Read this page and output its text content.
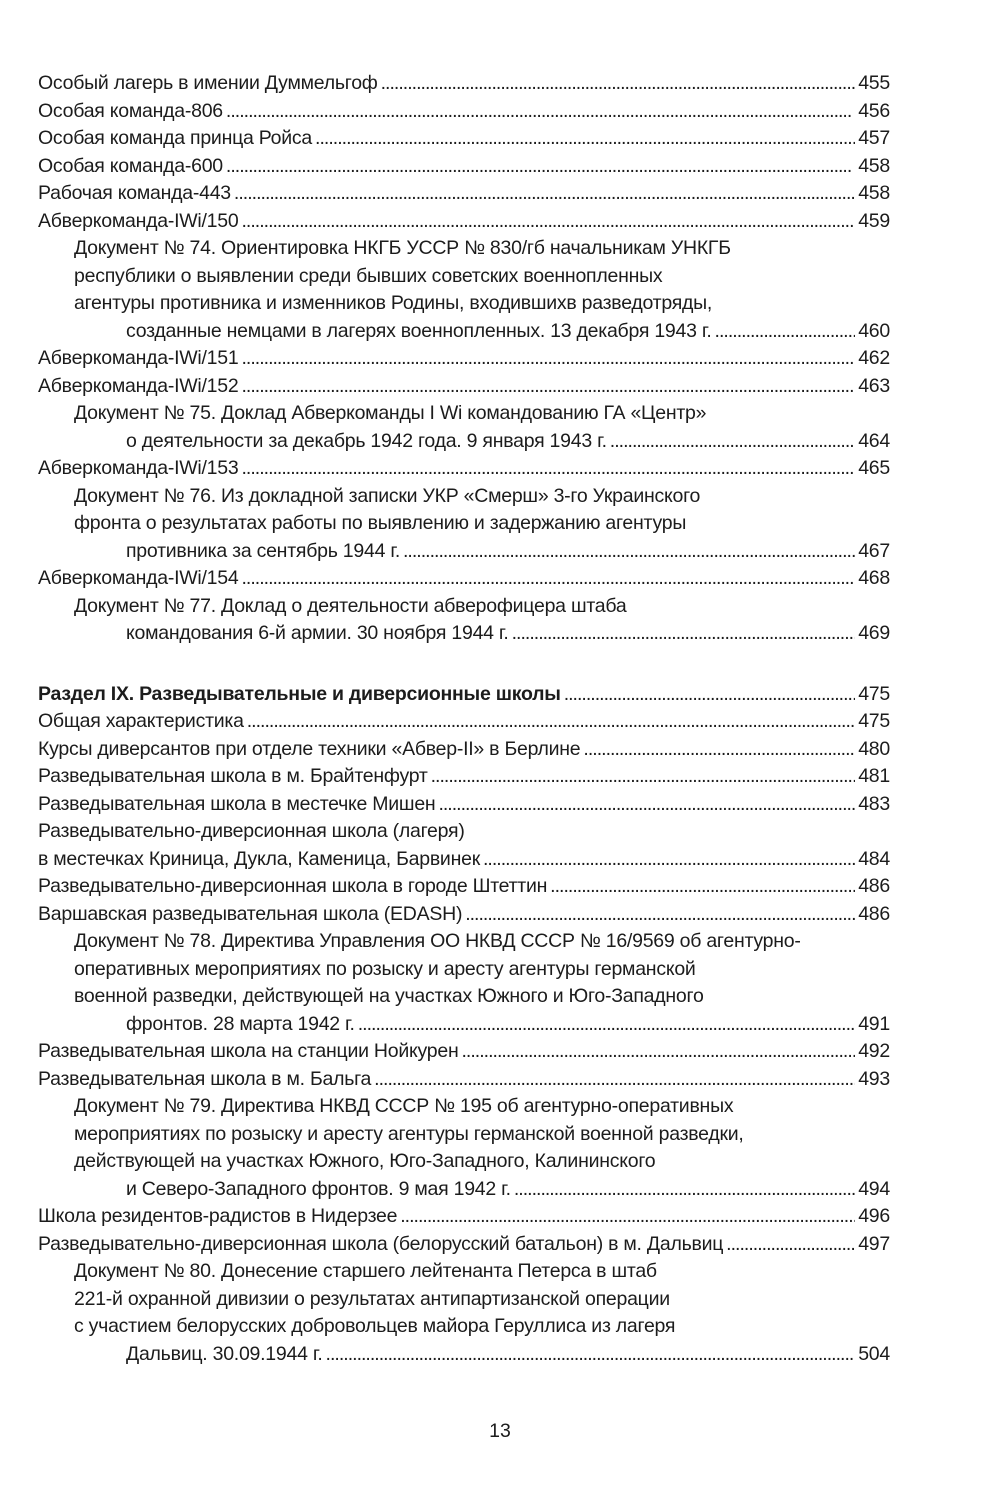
Особый лагерь в имении Думмельгоф . . .	455
Особая команда-806 . . .	456
Особая команда принца Ройса . . .	457
Особая команда-600 . . .	458
Рабочая команда-443 . . .	458
Абверкоманда-IWi/150 . . .	459
Документ № 74. Ориентировка НКГБ УССР № 830/гб начальникам УНКГБ
республики о выявлении среди бывших советских военнопленных
агентуры противника и изменников Родины, входившихв разведотряды,
созданные немцами в лагерях военнопленных. 13 декабря 1943 г. . . .	460
Абверкоманда-IWi/151 . . .	462
Абверкоманда-IWi/152 . . .	463
Документ № 75. Доклад Абверкоманды I Wi командованию ГА «Центр»
о деятельности за декабрь 1942 года. 9 января 1943 г. . . .	464
Абверкоманда-IWi/153 . . .	465
Документ № 76. Из докладной записки УКР «Смерш» 3-го Украинского
фронта о результатах работы по выявлению и задержанию агентуры
противника за сентябрь 1944 г. . . .	467
Абверкоманда-IWi/154 . . .	468
Документ № 77. Доклад о деятельности абверофицера штаба
командования 6-й армии. 30 ноября 1944 г. . . .	469
Раздел IX. Разведывательные и диверсионные школы . . .	475
Общая характеристика . . .	475
Курсы диверсантов при отделе техники «Абвер-II» в Берлине . . .	480
Разведывательная школа в м. Брайтенфурт . . .	481
Разведывательная школа в местечке Мишен . . .	483
Разведывательно-диверсионная школа (лагеря)
в местечках Криница, Дукла, Каменица, Барвинек . . .	484
Разведывательно-диверсионная школа в городе Штеттин . . .	486
Варшавская разведывательная школа (EDASH) . . .	486
Документ № 78. Директива Управления ОО НКВД СССР № 16/9569 об агентурно-
оперативных мероприятиях по розыску и аресту агентуры германской
военной разведки, действующей на участках Южного и Юго-Западного
фронтов. 28 марта 1942 г. . . .	491
Разведывательная школа на станции Нойкурен . . .	492
Разведывательная школа в м. Бальга . . .	493
Документ № 79. Директива НКВД СССР № 195 об агентурно-оперативных
мероприятиях по розыску и аресту агентуры германской военной разведки,
действующей на участках Южного, Юго-Западного, Калининского
и Северо-Западного фронтов. 9 мая 1942 г. . . .	494
Школа резидентов-радистов в Нидерзее . . .	496
Разведывательно-диверсионная школа (белорусский батальон) в м. Дальвиц . . .	497
Документ № 80. Донесение старшего лейтенанта Петерса в штаб
221-й охранной дивизии о результатах антипартизанской операции
с участием белорусских добровольцев майора Геруллиса из лагеря
Дальвиц. 30.09.1944 г. . . .	504
13
